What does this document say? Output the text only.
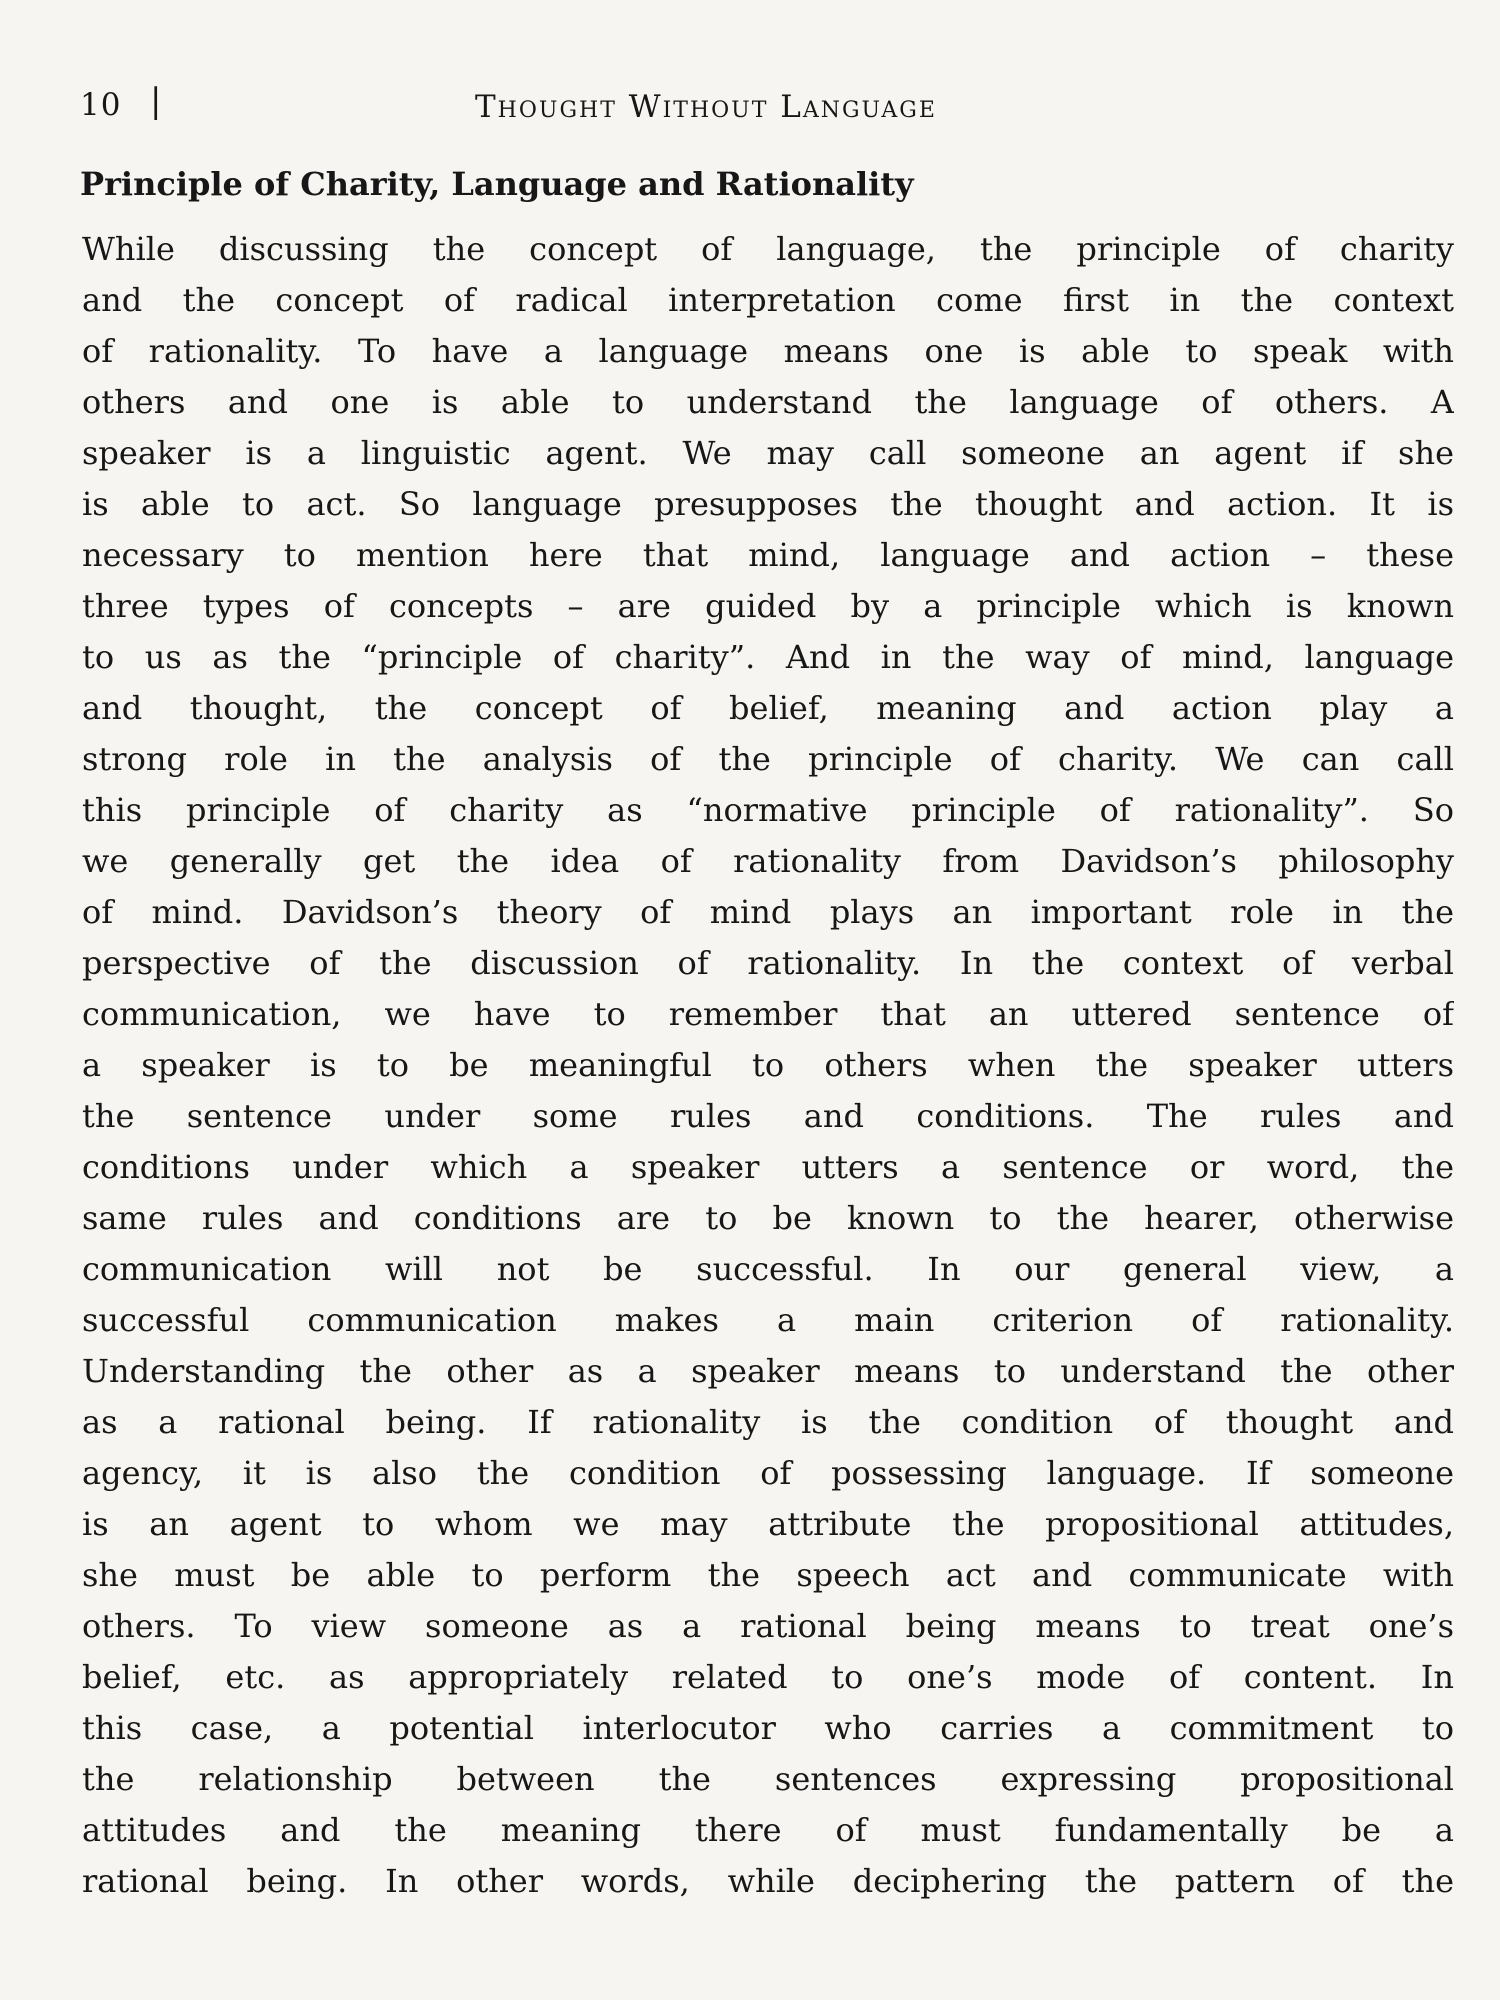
10 |	Thought Without Language
Principle of Charity, Language and Rationality
While discussing the concept of language, the principle of charity
and the concept of radical interpretation come first in the context
of rationality. To have a language means one is able to speak with
others and one is able to understand the language of others. A
speaker is a linguistic agent. We may call someone an agent if she
is able to act. So language presupposes the thought and action. It is
necessary to mention here that mind, language and action – these
three types of concepts – are guided by a principle which is known
to us as the “principle of charity”. And in the way of mind, language
and thought, the concept of belief, meaning and action play a
strong role in the analysis of the principle of charity. We can call
this principle of charity as “normative principle of rationality”. So
we generally get the idea of rationality from Davidson’s philosophy
of mind. Davidson’s theory of mind plays an important role in the
perspective of the discussion of rationality. In the context of verbal
communication, we have to remember that an uttered sentence of
a speaker is to be meaningful to others when the speaker utters
the sentence under some rules and conditions. The rules and
conditions under which a speaker utters a sentence or word, the
same rules and conditions are to be known to the hearer, otherwise
communication will not be successful. In our general view, a
successful communication makes a main criterion of rationality.
Understanding the other as a speaker means to understand the other
as a rational being. If rationality is the condition of thought and
agency, it is also the condition of possessing language. If someone
is an agent to whom we may attribute the propositional attitudes,
she must be able to perform the speech act and communicate with
others. To view someone as a rational being means to treat one’s
belief, etc. as appropriately related to one’s mode of content. In
this case, a potential interlocutor who carries a commitment to
the relationship between the sentences expressing propositional
attitudes and the meaning there of must fundamentally be a
rational being. In other words, while deciphering the pattern of the
